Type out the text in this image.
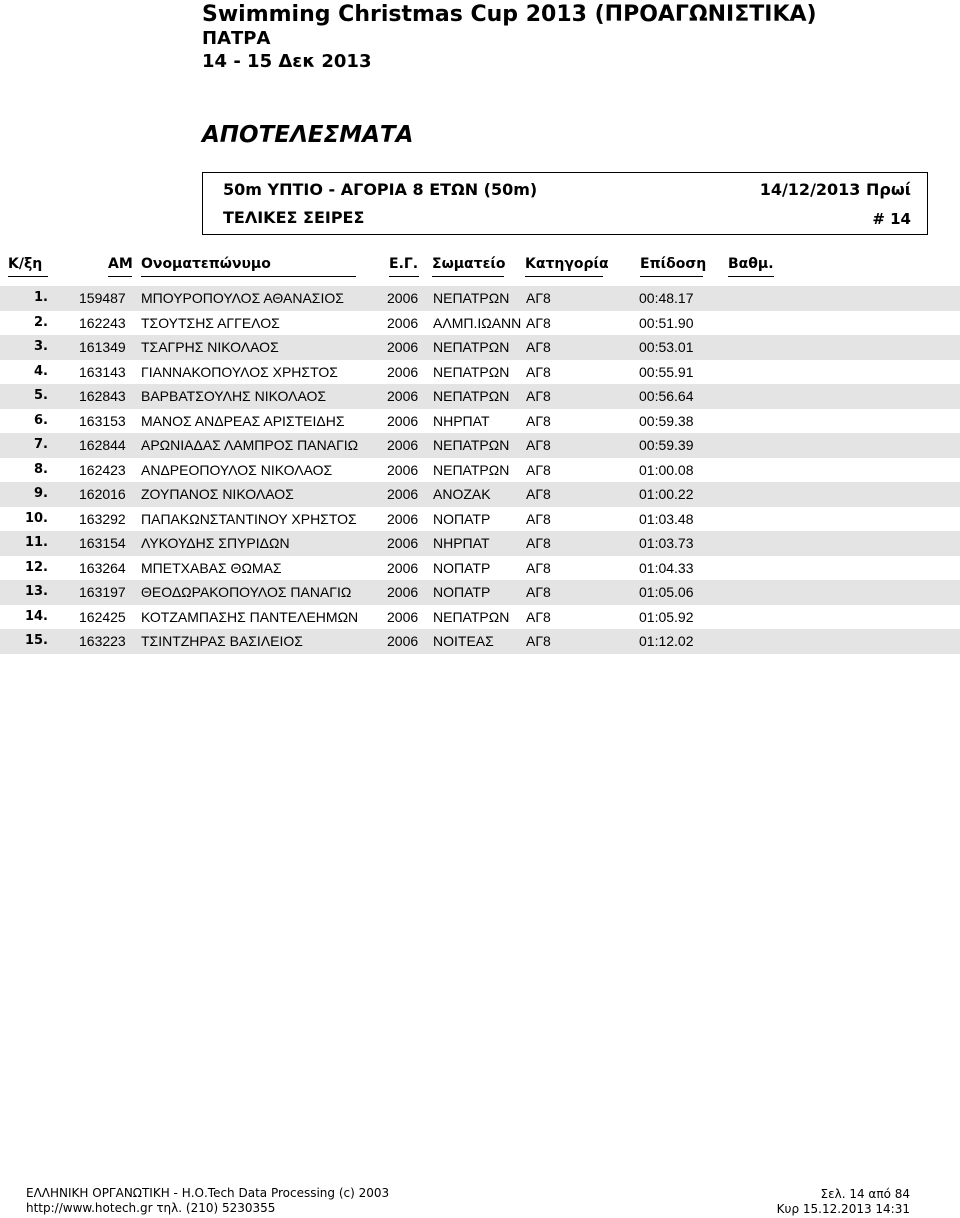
Swimming Christmas Cup 2013 (ΠΡΟΑΓΩΝΙΣΤΙΚΑ)
ΠΑΤΡΑ
14 - 15 Δεκ 2013
ΑΠΟΤΕΛΕΣΜΑΤΑ
50m ΥΠΤΙΟ - ΑΓΟΡΙΑ 8 ΕΤΩΝ (50m)	14/12/2013 Πρωί
ΤΕΛΙΚΕΣ ΣΕΙΡΕΣ	# 14
Κ/ξη	ΑΜ Ονοματεπώνυμο	Ε.Γ. Σωματείο Κατηγορία Επίδοση Βαθμ.
1. 159487 ΜΠΟΥΡΟΠΟΥΛΟΣ ΑΘΑΝΑΣΙΟΣ	2006 ΝΕΠΑΤΡΩΝ ΑΓ8	00:48.17
2. 162243 ΤΣΟΥΤΣΗΣ ΑΓΓΕΛΟΣ	2006 ΑΛΜΠ.ΙΩΑΝΝ ΑΓ8	00:51.90
3. 161349 ΤΣΑΓΡΗΣ ΝΙΚΟΛΑΟΣ	2006 ΝΕΠΑΤΡΩΝ ΑΓ8	00:53.01
4. 163143 ΓΙΑΝΝΑΚΟΠΟΥΛΟΣ ΧΡΗΣΤΟΣ	2006 ΝΕΠΑΤΡΩΝ ΑΓ8	00:55.91
5. 162843 ΒΑΡΒΑΤΣΟΥΛΗΣ ΝΙΚΟΛΑΟΣ	2006 ΝΕΠΑΤΡΩΝ ΑΓ8	00:56.64
6. 163153 ΜΑΝΟΣ ΑΝΔΡΕΑΣ ΑΡΙΣΤΕΙΔΗΣ	2006 ΝΗΡΠΑΤ	ΑΓ8	00:59.38
7. 162844 ΑΡΩΝΙΑΔΑΣ ΛΑΜΠΡΟΣ ΠΑΝΑΓΙΩ 2006 ΝΕΠΑΤΡΩΝ ΑΓ8	00:59.39
8. 162423 ΑΝΔΡΕΟΠΟΥΛΟΣ ΝΙΚΟΛΑΟΣ	2006 ΝΕΠΑΤΡΩΝ ΑΓ8	01:00.08
9. 162016 ΖΟΥΠΑΝΟΣ ΝΙΚΟΛΑΟΣ	2006 ΑΝΟΖΑΚ	ΑΓ8	01:00.22
10. 163292 ΠΑΠΑΚΩΝΣΤΑΝΤΙΝΟΥ ΧΡΗΣΤΟΣ 2006 ΝΟΠΑΤΡ	ΑΓ8	01:03.48
11. 163154 ΛΥΚΟΥΔΗΣ ΣΠΥΡΙΔΩΝ	2006 ΝΗΡΠΑΤ	ΑΓ8	01:03.73
12. 163264 ΜΠΕΤΧΑΒΑΣ ΘΩΜΑΣ	2006 ΝΟΠΑΤΡ	ΑΓ8	01:04.33
13. 163197 ΘΕΟΔΩΡΑΚΟΠΟΥΛΟΣ ΠΑΝΑΓΙΩ	2006 ΝΟΠΑΤΡ	ΑΓ8	01:05.06
14. 162425 ΚΟΤΖΑΜΠΑΣΗΣ ΠΑΝΤΕΛΕΗΜΩΝ 2006 ΝΕΠΑΤΡΩΝ ΑΓ8	01:05.92
15. 163223 ΤΣΙΝΤΖΗΡΑΣ ΒΑΣΙΛΕΙΟΣ	2006 ΝΟΙΤΕΑΣ ΑΓ8	01:12.02
ΕΛΛΗΝΙΚΗ ΟΡΓΑΝΩΤΙΚΗ - Η.Ο.Tech Data Processing (c) 2003
http://www.hotech.gr τηλ. (210) 5230355
Σελ. 14 από 84
Κυρ 15.12.2013 14:31
